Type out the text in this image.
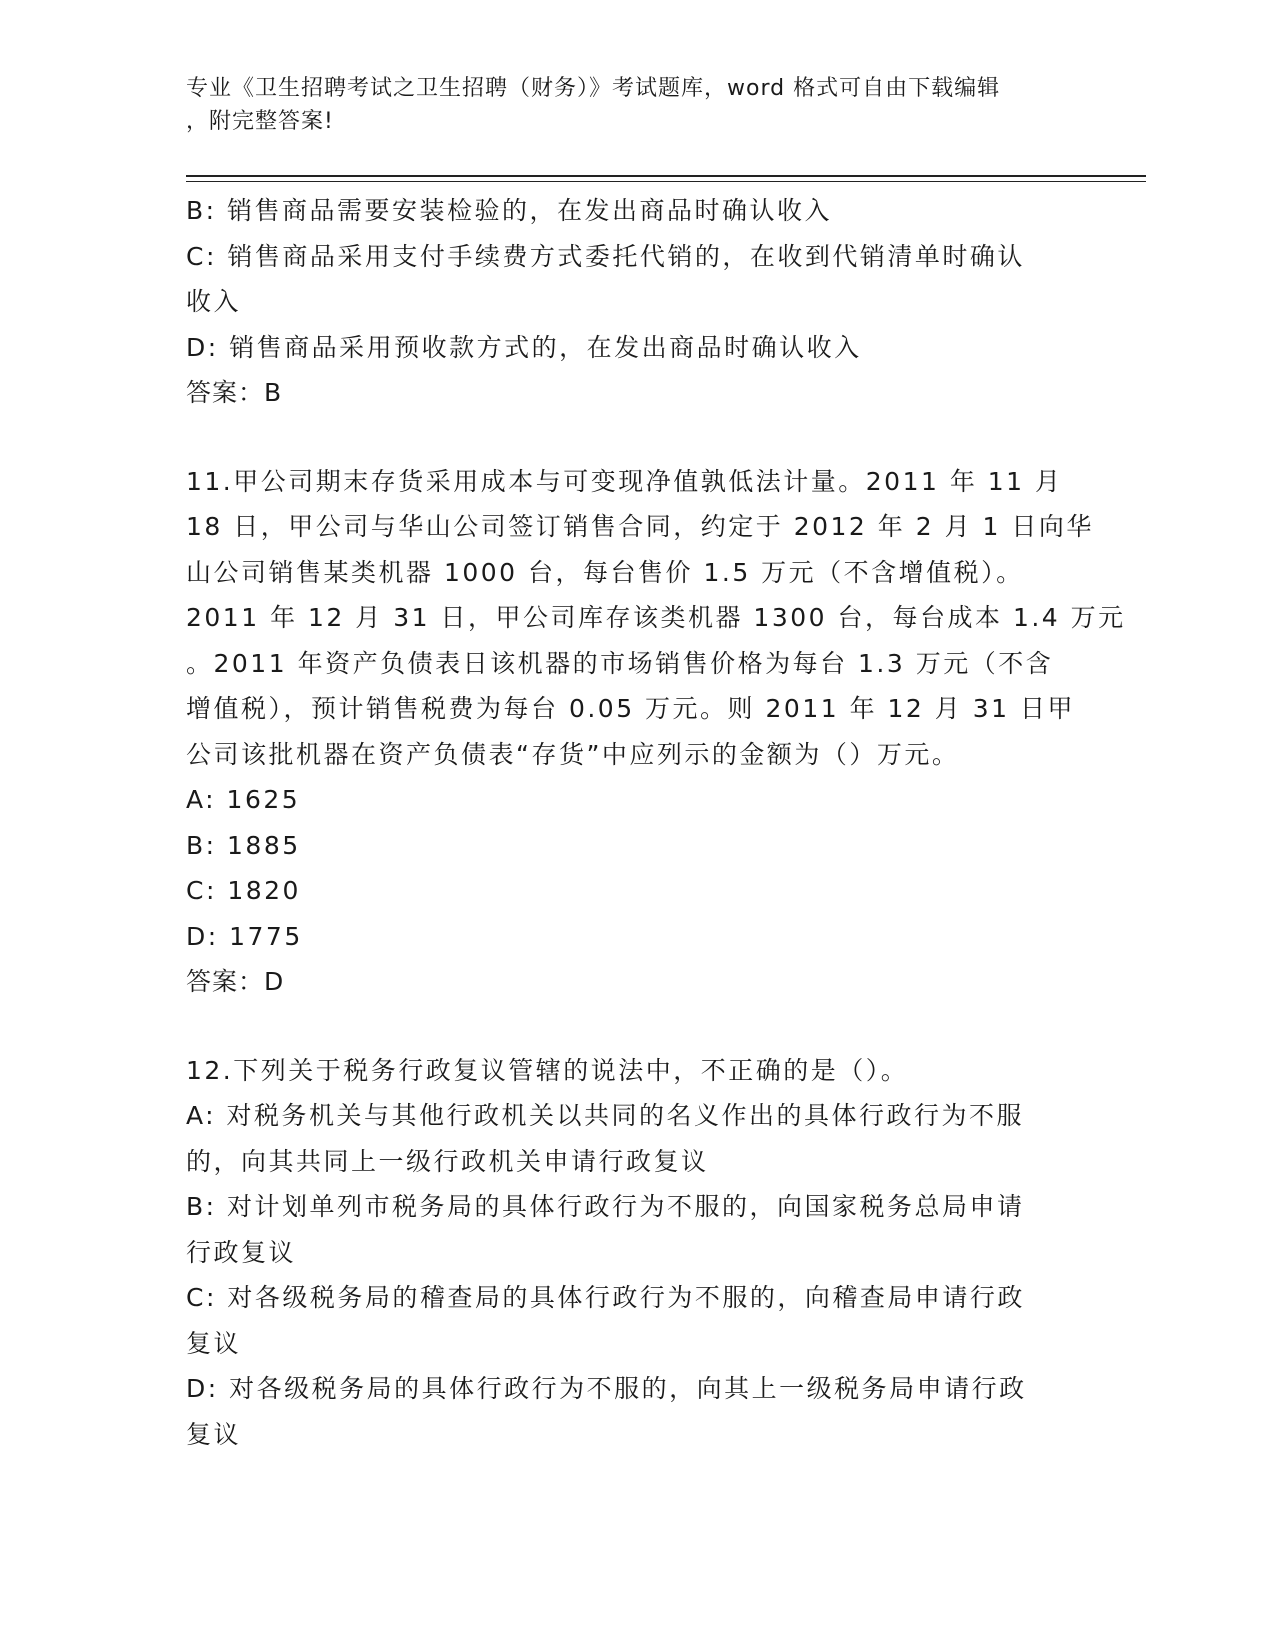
专业《卫生招聘考试之卫生招聘（财务）》考试题库，word 格式可自由下载编辑
，附完整答案!
B: 销售商品需要安装检验的，在发出商品时确认收入
C: 销售商品采用支付手续费方式委托代销的，在收到代销清单时确认
收入
D: 销售商品采用预收款方式的，在发出商品时确认收入
答案：B
11.甲公司期末存货采用成本与可变现净值孰低法计量。2011 年 11 月
18 日，甲公司与华山公司签订销售合同，约定于 2012 年 2 月 1 日向华
山公司销售某类机器 1000 台，每台售价 1.5 万元（不含增值税）。
2011 年 12 月 31 日，甲公司库存该类机器 1300 台，每台成本 1.4 万元
。2011 年资产负债表日该机器的市场销售价格为每台 1.3 万元（不含
增值税），预计销售税费为每台 0.05 万元。则 2011 年 12 月 31 日甲
公司该批机器在资产负债表“存货”中应列示的金额为（）万元。
A: 1625
B: 1885
C: 1820
D: 1775
答案：D
12.下列关于税务行政复议管辖的说法中，不正确的是（）。
A: 对税务机关与其他行政机关以共同的名义作出的具体行政行为不服
的，向其共同上一级行政机关申请行政复议
B: 对计划单列市税务局的具体行政行为不服的，向国家税务总局申请
行政复议
C: 对各级税务局的稽查局的具体行政行为不服的，向稽查局申请行政
复议
D: 对各级税务局的具体行政行为不服的，向其上一级税务局申请行政
复议
